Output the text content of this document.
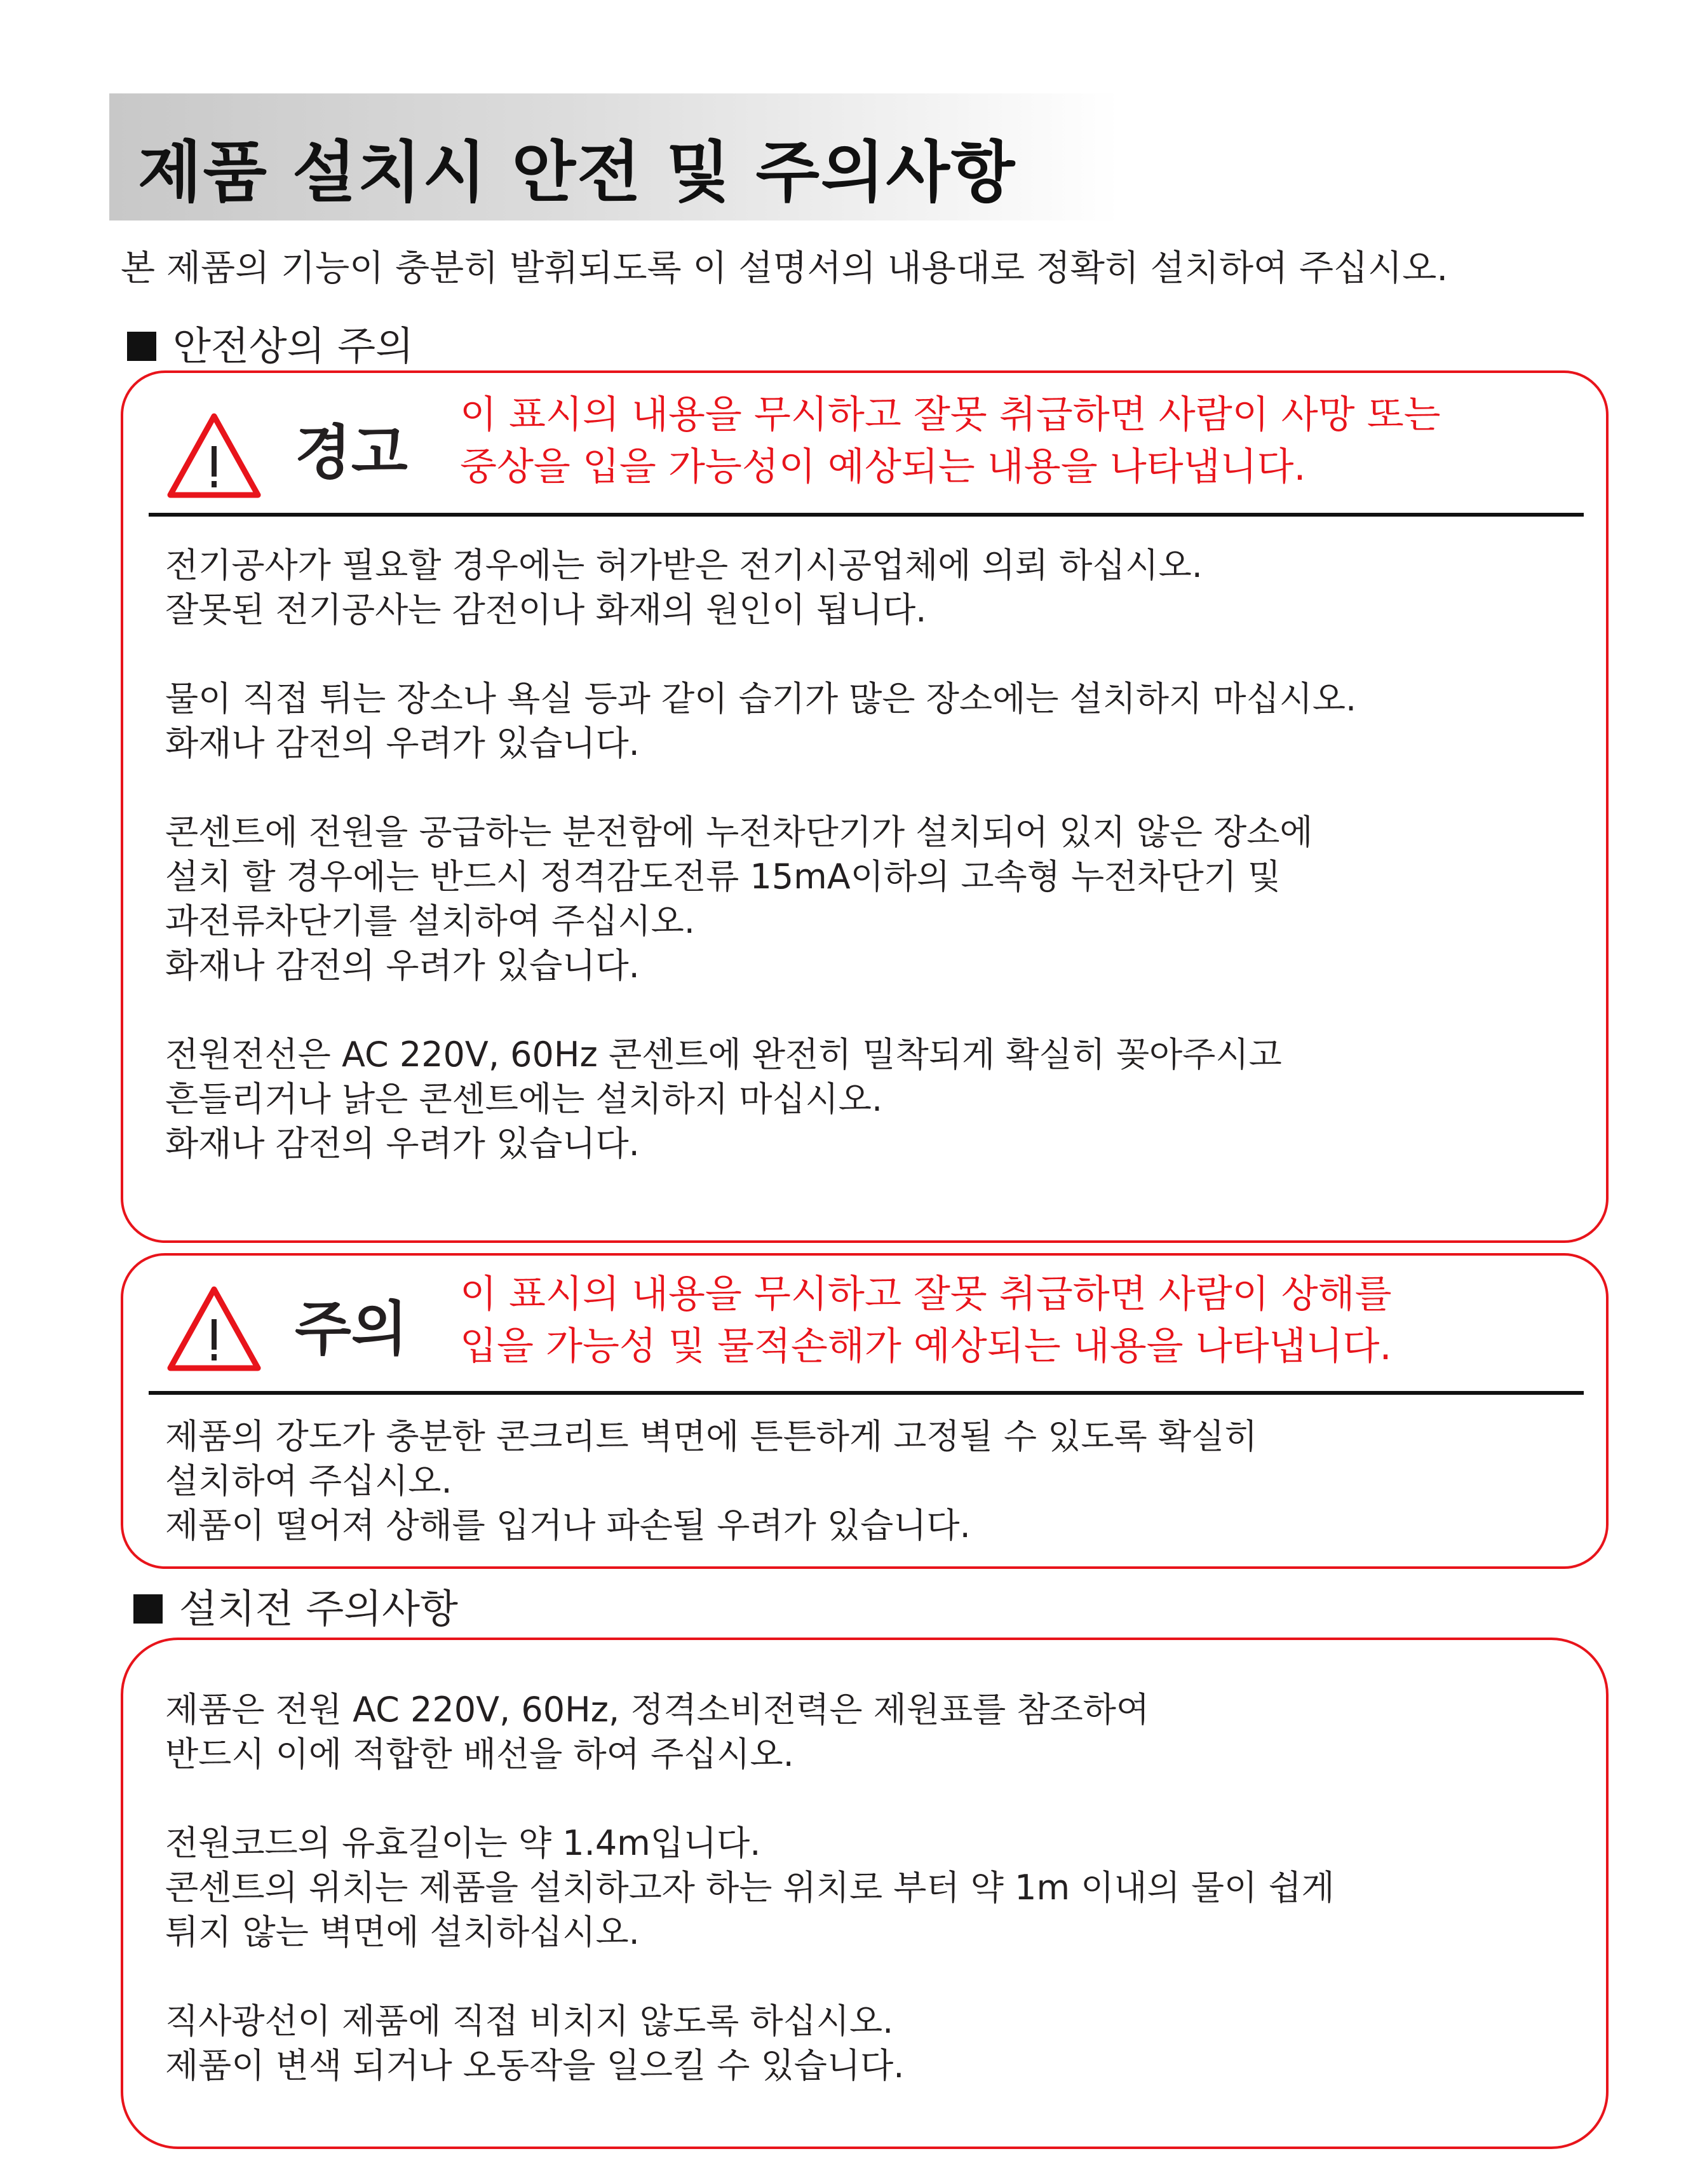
제품 설치시 안전 및 주의사항
본 제품의 기능이 충분히 발휘되도록 이 설명서의 내용대로 정확히 설치하여 주십시오.
안전상의 주의
경고
이 표시의 내용을 무시하고 잘못 취급하면 사람이 사망 또는
중상을 입을 가능성이 예상되는 내용을 나타냅니다.
전기공사가 필요할 경우에는 허가받은 전기시공업체에 의뢰 하십시오.
잘못된 전기공사는 감전이나 화재의 원인이 됩니다.
물이 직접 튀는 장소나 욕실 등과 같이 습기가 많은 장소에는 설치하지 마십시오.
화재나 감전의 우려가 있습니다.
콘센트에 전원을 공급하는 분전함에 누전차단기가 설치되어 있지 않은 장소에
설치 할 경우에는 반드시 정격감도전류 15mA이하의 고속형 누전차단기 및
과전류차단기를 설치하여 주십시오.
화재나 감전의 우려가 있습니다.
전원전선은 AC 220V, 60Hz 콘센트에 완전히 밀착되게 확실히 꽂아주시고
흔들리거나 낡은 콘센트에는 설치하지 마십시오.
화재나 감전의 우려가 있습니다.
주의
이 표시의 내용을 무시하고 잘못 취급하면 사람이 상해를
입을 가능성 및 물적손해가 예상되는 내용을 나타냅니다.
제품의 강도가 충분한 콘크리트 벽면에 튼튼하게 고정될 수 있도록 확실히
설치하여 주십시오.
제품이 떨어져 상해를 입거나 파손될 우려가 있습니다.
설치전 주의사항
제품은 전원 AC 220V, 60Hz, 정격소비전력은 제원표를 참조하여
반드시 이에 적합한 배선을 하여 주십시오.
전원코드의 유효길이는 약 1.4m입니다.
콘센트의 위치는 제품을 설치하고자 하는 위치로 부터 약 1m 이내의 물이 쉽게
튀지 않는 벽면에 설치하십시오.
직사광선이 제품에 직접 비치지 않도록 하십시오.
제품이 변색 되거나 오동작을 일으킬 수 있습니다.
